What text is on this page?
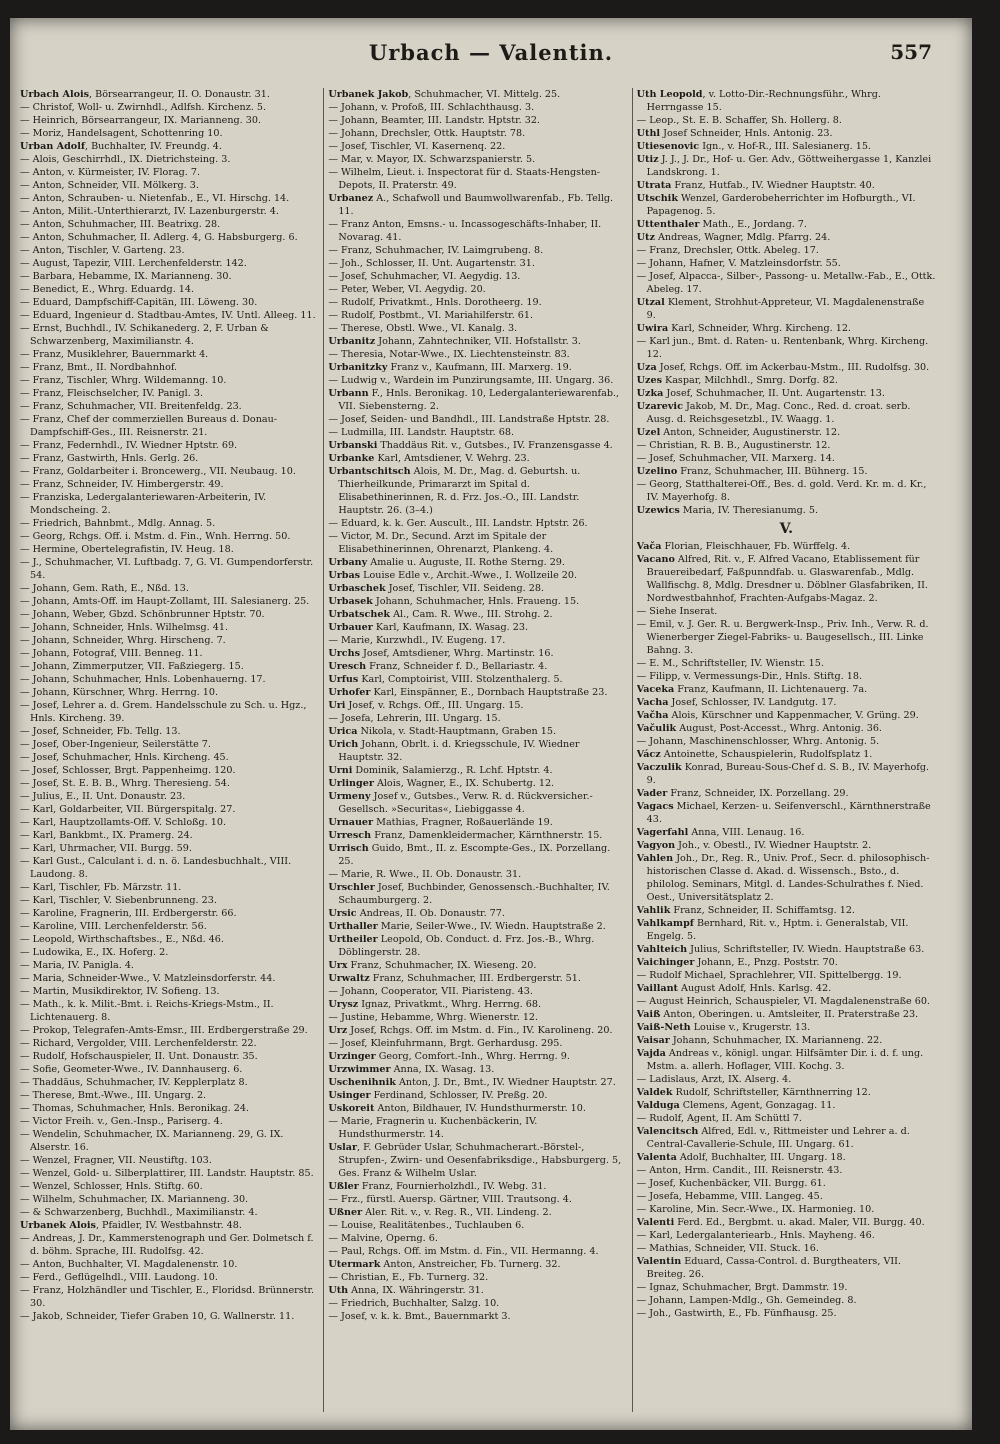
Urbach — Valentin.	557
Urbach Alois, Börsearrangeur, II. O. Donaustr. 31.
— Christof, Woll- u. Zwirnhdl., Adlfsh. Kirchenz. 5.
— Heinrich, Börsearrangeur, IX. Marianneng. 30.
— Moriz, Handelsagent, Schottenring 10.
Urban Adolf, Buchhalter, IV. Freundg. 4.
— Alois, Geschirrhdl., IX. Dietrichsteing. 3.
— Anton, v. Kürmeister, IV. Florag. 7.
— Anton, Schneider, VII. Mölkerg. 3.
— Anton, Schrauben- u. Nietenfab., E., VI. Hirschg. 14.
— Anton, Milit.-Unterthierarzt, IV. Lazenburgerstr. 4.
— Anton, Schuhmacher, III. Beatrixg. 28.
— Anton, Schuhmacher, II. Adlerg. 4, G. Habsburgerg. 6.
— Anton, Tischler, V. Garteng. 23.
— August, Tapezir, VIII. Lerchenfelderstr. 142.
— Barbara, Hebamme, IX. Marianneng. 30.
— Benedict, E., Whrg. Eduardg. 14.
— Eduard, Dampfschiff-Capitän, III. Löweng. 30.
— Eduard, Ingenieur d. Stadtbau-Amtes, IV. Untl. Alleeg. 11.
— Ernst, Buchhdl., IV. Schikanederg. 2, F. Urban & Schwarzenberg, Maximilianstr. 4.
— Franz, Musiklehrer, Bauernmarkt 4.
— Franz, Bmt., II. Nordbahnhof.
— Franz, Tischler, Whrg. Wildemanng. 10.
— Franz, Fleischselcher, IV. Panigl. 3.
— Franz, Schuhmacher, VII. Breitenfeldg. 23.
— Franz, Chef der commerziellen Bureaus d. Donau-Dampfschiff-Ges., III. Reisnerstr. 21.
— Franz, Federnhdl., IV. Wiedner Hptstr. 69.
— Franz, Gastwirth, Hnls. Gerlg. 26.
— Franz, Goldarbeiter i. Broncewerg., VII. Neubaug. 10.
— Franz, Schneider, IV. Himbergerstr. 49.
— Franziska, Ledergalanteriewaren-Arbeiterin, IV. Mondscheing. 2.
— Friedrich, Bahnbmt., Mdlg. Annag. 5.
— Georg, Rchgs. Off. i. Mstm. d. Fin., Wnh. Herrng. 50.
— Hermine, Obertelegrafistin, IV. Heug. 18.
— J., Schuhmacher, VI. Luftbadg. 7, G. VI. Gumpendorferstr. 54.
— Johann, Gem. Rath, E., Nßd. 13.
— Johann, Amts-Off. im Haupt-Zollamt, III. Salesianerg. 25.
— Johann, Weber, Gbzd. Schönbrunner Hptstr. 70.
— Johann, Schneider, Hnls. Wilhelmsg. 41.
— Johann, Schneider, Whrg. Hirscheng. 7.
— Johann, Fotograf, VIII. Benneg. 11.
— Johann, Zimmerputzer, VII. Faßziegerg. 15.
— Johann, Schuhmacher, Hnls. Lobenhauerng. 17.
— Johann, Kürschner, Whrg. Herrng. 10.
— Josef, Lehrer a. d. Grem. Handelsschule zu Sch. u. Hgz., Hnls. Kircheng. 39.
— Josef, Schneider, Fb. Tellg. 13.
— Josef, Ober-Ingenieur, Seilerstätte 7.
— Josef, Schuhmacher, Hnls. Kircheng. 45.
— Josef, Schlosser, Brgt. Pappenheimg. 120.
— Josef, St. E. B. B., Whrg. Theresieng. 54.
— Julius, E., II. Unt. Donaustr. 23.
— Karl, Goldarbeiter, VII. Bürgerspitalg. 27.
— Karl, Hauptzollamts-Off. V. Schloßg. 10.
— Karl, Bankbmt., IX. Pramerg. 24.
— Karl, Uhrmacher, VII. Burgg. 59.
— Karl Gust., Calculant i. d. n. ö. Landesbuchhalt., VIII. Laudong. 8.
— Karl, Tischler, Fb. Märzstr. 11.
— Karl, Tischler, V. Siebenbrunneng. 23.
— Karoline, Fragnerin, III. Erdbergerstr. 66.
— Karoline, VIII. Lerchenfelderstr. 56.
— Leopold, Wirthschaftsbes., E., Nßd. 46.
— Ludowika, E., IX. Hoferg. 2.
— Maria, IV. Panigla. 4.
— Maria, Schneider-Wwe., V. Matzleinsdorferstr. 44.
— Martin, Musikdirektor, IV. Sofieng. 13.
— Math., k. k. Milit.-Bmt. i. Reichs-Kriegs-Mstm., II. Lichtenauerg. 8.
— Prokop, Telegrafen-Amts-Emsr., III. Erdbergerstraße 29.
— Richard, Vergolder, VIII. Lerchenfelderstr. 22.
— Rudolf, Hofschauspieler, II. Unt. Donaustr. 35.
— Sofie, Geometer-Wwe., IV. Dannhauserg. 6.
— Thaddäus, Schuhmacher, IV. Kepplerplatz 8.
— Therese, Bmt.-Wwe., III. Ungarg. 2.
— Thomas, Schuhmacher, Hnls. Beronikag. 24.
— Victor Freih. v., Gen.-Insp., Pariserg. 4.
— Wendelin, Schuhmacher, IX. Marianneng. 29, G. IX. Alserstr. 16.
— Wenzel, Fragner, VII. Neustiftg. 103.
— Wenzel, Gold- u. Silberplattirer, III. Landstr. Hauptstr. 85.
— Wenzel, Schlosser, Hnls. Stiftg. 60.
— Wilhelm, Schuhmacher, IX. Marianneng. 30.
— & Schwarzenberg, Buchhdl., Maximilianstr. 4.
Urbanek Alois, Pfaidler, IV. Westbahnstr. 48.
— Andreas, J. Dr., Kammerstenograph und Ger. Dolmetsch f. d. böhm. Sprache, III. Rudolfsg. 42.
— Anton, Buchhalter, VI. Magdalenenstr. 10.
— Ferd., Geflügelhdl., VIII. Laudong. 10.
— Franz, Holzhändler und Tischler, E., Floridsd. Brünnerstr. 30.
— Jakob, Schneider, Tiefer Graben 10, G. Wallnerstr. 11.
Urbanek Jakob, Schuhmacher, VI. Mittelg. 25.
— Johann, v. Profoß, III. Schlachthausg. 3.
— Johann, Beamter, III. Landstr. Hptstr. 32.
— Johann, Drechsler, Ottk. Hauptstr. 78.
— Josef, Tischler, VI. Kasernenq. 22.
— Mar, v. Mayor, IX. Schwarzspanierstr. 5.
— Wilhelm, Lieut. i. Inspectorat für d. Staats-Hengsten-Depots, II. Praterstr. 49.
Urbanez A., Schafwoll und Baumwollwarenfab., Fb. Tellg. 11.
— Franz Anton, Emsns.- u. Incassogeschäfts-Inhaber, II. Novarag. 41.
— Franz, Schuhmacher, IV. Laimgrubeng. 8.
— Joh., Schlosser, II. Unt. Augartenstr. 31.
— Josef, Schuhmacher, VI. Aegydig. 13.
— Peter, Weber, VI. Aegydig. 20.
— Rudolf, Privatkmt., Hnls. Dorotheerg. 19.
— Rudolf, Postbmt., VI. Mariahilferstr. 61.
— Therese, Obstl. Wwe., VI. Kanalg. 3.
Urbanitz Johann, Zahntechniker, VII. Hofstallstr. 3.
— Theresia, Notar-Wwe., IX. Liechtensteinstr. 83.
Urbanitzky Franz v., Kaufmann, III. Marxerg. 19.
— Ludwig v., Wardein im Punzirungsamte, III. Ungarg. 36.
Urbann F., Hnls. Beronikag. 10, Ledergalanteriewarenfab., VII. Siebensterng. 2.
— Josef, Seiden- und Bandhdl., III. Landstraße Hptstr. 28.
— Ludmilla, III. Landstr. Hauptstr. 68.
Urbanski Thaddäus Rit. v., Gutsbes., IV. Franzensgasse 4.
Urbanke Karl, Amtsdiener, V. Wehrg. 23.
Urbantschitsch Alois, M. Dr., Mag. d. Geburtsh. u. Thierheilkunde, Primararzt im Spital d. Elisabethinerinnen, R. d. Frz. Jos.-O., III. Landstr. Hauptstr. 26. (3–4.)
— Eduard, k. k. Ger. Auscult., III. Landstr. Hptstr. 26.
— Victor, M. Dr., Secund. Arzt im Spitale der Elisabethinerinnen, Ohrenarzt, Plankeng. 4.
Urbany Amalie u. Auguste, II. Rothe Sterng. 29.
Urbas Louise Edle v., Archit.-Wwe., I. Wollzeile 20.
Urbaschek Josef, Tischler, VII. Seideng. 28.
Urbasek Johann, Schuhmacher, Hnls. Fraueng. 15.
Urbatschek Al., Cam. R. Wwe., III. Strohg. 2.
Urbauer Karl, Kaufmann, IX. Wasag. 23.
— Marie, Kurzwhdl., IV. Eugeng. 17.
Urchs Josef, Amtsdiener, Whrg. Martinstr. 16.
Uresch Franz, Schneider f. D., Bellariastr. 4.
Urfus Karl, Comptoirist, VIII. Stolzenthalerg. 5.
Urhofer Karl, Einspänner, E., Dornbach Hauptstraße 23.
Uri Josef, v. Rchgs. Off., III. Ungarg. 15.
— Josefa, Lehrerin, III. Ungarg. 15.
Urica Nikola, v. Stadt-Hauptmann, Graben 15.
Urich Johann, Obrlt. i. d. Kriegsschule, IV. Wiedner Hauptstr. 32.
Urni Dominik, Salamierzg., R. Lchf. Hptstr. 4.
Urlinger Alois, Wagner, E., IX. Schubertg. 12.
Urmeny Josef v., Gutsbes., Verw. R. d. Rückversicher.-Gesellsch. »Securitas«, Liebiggasse 4.
Urnauer Mathias, Fragner, Roßauerlände 19.
Urresch Franz, Damenkleidermacher, Kärnthnerstr. 15.
Urrisch Guido, Bmt., II. z. Escompte-Ges., IX. Porzellang. 25.
— Marie, R. Wwe., II. Ob. Donaustr. 31.
Urschler Josef, Buchbinder, Genossensch.-Buchhalter, IV. Schaumburgerg. 2.
Ursic Andreas, II. Ob. Donaustr. 77.
Urthaller Marie, Seiler-Wwe., IV. Wiedn. Hauptstraße 2.
Urtheiler Leopold, Ob. Conduct. d. Frz. Jos.-B., Whrg. Döblingerstr. 28.
Urx Franz, Schuhmacher, IX. Wieseng. 20.
Urwaltz Franz, Schuhmacher, III. Erdbergerstr. 51.
— Johann, Cooperator, VII. Piaristeng. 43.
Urysz Ignaz, Privatkmt., Whrg. Herrng. 68.
— Justine, Hebamme, Whrg. Wienerstr. 12.
Urz Josef, Rchgs. Off. im Mstm. d. Fin., IV. Karolineng. 20.
— Josef, Kleinfuhrmann, Brgt. Gerhardusg. 295.
Urzinger Georg, Comfort.-Inh., Whrg. Herrng. 9.
Urzwimmer Anna, IX. Wasag. 13.
Uschenihnik Anton, J. Dr., Bmt., IV. Wiedner Hauptstr. 27.
Usinger Ferdinand, Schlosser, IV. Preßg. 20.
Uskoreit Anton, Bildhauer, IV. Hundsthurmerstr. 10.
— Marie, Fragnerin u. Kuchenbäckerin, IV. Hundsthurmerstr. 14.
Uslar, F. Gebrüder Uslar, Schuhmacherart.-Börstel-, Strupfen-, Zwirn- und Oesenfabriksdige., Habsburgerg. 5, Ges. Franz & Wilhelm Uslar.
Ußler Franz, Fournierholzhdl., IV. Webg. 31.
— Frz., fürstl. Auersp. Gärtner, VIII. Trautsong. 4.
Ußner Aler. Rit. v., v. Reg. R., VII. Lindeng. 2.
— Louise, Realitätenbes., Tuchlauben 6.
— Malvine, Operng. 6.
— Paul, Rchgs. Off. im Mstm. d. Fin., VII. Hermanng. 4.
Utermark Anton, Anstreicher, Fb. Turnerg. 32.
— Christian, E., Fb. Turnerg. 32.
Uth Anna, IX. Währingerstr. 31.
— Friedrich, Buchhalter, Salzg. 10.
— Josef, v. k. k. Bmt., Bauernmarkt 3.
Uth Leopold, v. Lotto-Dir.-Rechnungsführ., Whrg. Herrngasse 15.
— Leop., St. E. B. Schaffer, Sh. Hollerg. 8.
Uthl Josef Schneider, Hnls. Antonig. 23.
Utiesenovic Ign., v. Hof-R., III. Salesianerg. 15.
Utiz J. J., J. Dr., Hof- u. Ger. Adv., Göttweihergasse 1, Kanzlei Landskrong. 1.
Utrata Franz, Hutfab., IV. Wiedner Hauptstr. 40.
Utschik Wenzel, Garderobeherrichter im Hofburgth., VI. Papagenog. 5.
Uttenthaler Math., E., Jordang. 7.
Utz Andreas, Wagner, Mdlg. Pfarrg. 24.
— Franz, Drechsler, Ottk. Abeleg. 17.
— Johann, Hafner, V. Matzleinsdorfstr. 55.
— Josef, Alpacca-, Silber-, Passong- u. Metallw.-Fab., E., Ottk. Abeleg. 17.
Utzal Klement, Strohhut-Appreteur, VI. Magdalenenstraße 9.
Uwira Karl, Schneider, Whrg. Kircheng. 12.
— Karl jun., Bmt. d. Raten- u. Rentenbank, Whrg. Kircheng. 12.
Uza Josef, Rchgs. Off. im Ackerbau-Mstm., III. Rudolfsg. 30.
Uzes Kaspar, Milchhdl., Smrg. Dorfg. 82.
Uzka Josef, Schuhmacher, II. Unt. Augartenstr. 13.
Uzarevic Jakob, M. Dr., Mag. Conc., Red. d. croat. serb. Ausg. d. Reichsgesetzbl., IV. Waagg. 1.
Uzel Anton, Schneider, Augustinerstr. 12.
— Christian, R. B. B., Augustinerstr. 12.
— Josef, Schuhmacher, VII. Marxerg. 14.
Uzelino Franz, Schuhmacher, III. Bühnerg. 15.
— Georg, Statthalterei-Off., Bes. d. gold. Verd. Kr. m. d. Kr., IV. Mayerhofg. 8.
Uzewics Maria, IV. Theresianumg. 5.
V.
Vača Florian, Fleischhauer, Fb. Würffelg. 4.
Vacano Alfred, Rit. v., F. Alfred Vacano, Etablissement für Brauereibedarf, Faßpunndfab. u. Glaswarenfab., Mdlg. Wallfischg. 8, Mdlg. Dresdner u. Döblner Glasfabriken, II. Nordwestbahnhof, Frachten-Aufgabs-Magaz. 2.
— Siehe Inserat.
— Emil, v. J. Ger. R. u. Bergwerk-Insp., Priv. Inh., Verw. R. d. Wienerberger Ziegel-Fabriks- u. Baugesellsch., III. Linke Bahng. 3.
— E. M., Schriftsteller, IV. Wienstr. 15.
— Filipp, v. Vermessungs-Dir., Hnls. Stiftg. 18.
Vacekа Franz, Kaufmann, II. Lichtenauerg. 7a.
Vacha Josef, Schlosser, IV. Landgutg. 17.
Vačha Alois, Kürschner und Kappenmacher, V. Grüng. 29.
Vačulik August, Post-Accesst., Whrg. Antonig. 36.
— Johann, Maschinenschlosser, Whrg. Antonig. 5.
Vácz Antoinette, Schauspielerin, Rudolfsplatz 1.
Vaczulik Konrad, Bureau-Sous-Chef d. S. B., IV. Mayerhofg. 9.
Vader Franz, Schneider, IX. Porzellang. 29.
Vagacs Michael, Kerzen- u. Seifenverschl., Kärnthnerstraße 43.
Vagerfahl Anna, VIII. Lenaug. 16.
Vagyon Joh., v. Obestl., IV. Wiedner Hauptstr. 2.
Vahlen Joh., Dr., Reg. R., Univ. Prof., Secr. d. philosophisch-historischen Classe d. Akad. d. Wissensch., Bsto., d. philolog. Seminars, Mitgl. d. Landes-Schulrathes f. Nied. Oest., Universitätsplatz 2.
Vahlik Franz, Schneider, II. Schiffamtsg. 12.
Vahlkampf Bernhard, Rit. v., Hptm. i. Generalstab, VII. Engelg. 5.
Vahlteich Julius, Schriftsteller, IV. Wiedn. Hauptstraße 63.
Vaichinger Johann, E., Pnzg. Poststr. 70.
— Rudolf Michael, Sprachlehrer, VII. Spittelbergg. 19.
Vaillant August Adolf, Hnls. Karlsg. 42.
— August Heinrich, Schauspieler, VI. Magdalenenstraße 60.
Vaiß Anton, Oberingen. u. Amtsleiter, II. Praterstraße 23.
Vaiß-Neth Louise v., Krugerstr. 13.
Vaisar Johann, Schuhmacher, IX. Marianneng. 22.
Vajda Andreas v., königl. ungar. Hilfsämter Dir. i. d. f. ung. Mstm. a. allerh. Hoflager, VIII. Kochg. 3.
— Ladislaus, Arzt, IX. Alserg. 4.
Valdek Rudolf, Schriftsteller, Kärnthnerring 12.
Valduga Clemens, Agent, Gonzagag. 11.
— Rudolf, Agent, II. Am Schüttl 7.
Valencitsch Alfred, Edl. v., Rittmeister und Lehrer a. d. Central-Cavallerie-Schule, III. Ungarg. 61.
Valenta Adolf, Buchhalter, III. Ungarg. 18.
— Anton, Hrm. Candit., III. Reisnerstr. 43.
— Josef, Kuchenbäcker, VII. Burgg. 61.
— Josefa, Hebamme, VIII. Langeg. 45.
— Karoline, Min. Secr.-Wwe., IX. Harmonieg. 10.
Valenti Ferd. Ed., Bergbmt. u. akad. Maler, VII. Burgg. 40.
— Karl, Ledergalanteriearb., Hnls. Mayheng. 46.
— Mathias, Schneider, VII. Stuck. 16.
Valentin Eduard, Cassa-Control. d. Burgtheaters, VII. Breiteg. 26.
— Ignaz, Schuhmacher, Brgt. Dammstr. 19.
— Johann, Lampen-Mdlg., Gh. Gemeindeg. 8.
— Joh., Gastwirth, E., Fb. Fünfhausg. 25.
